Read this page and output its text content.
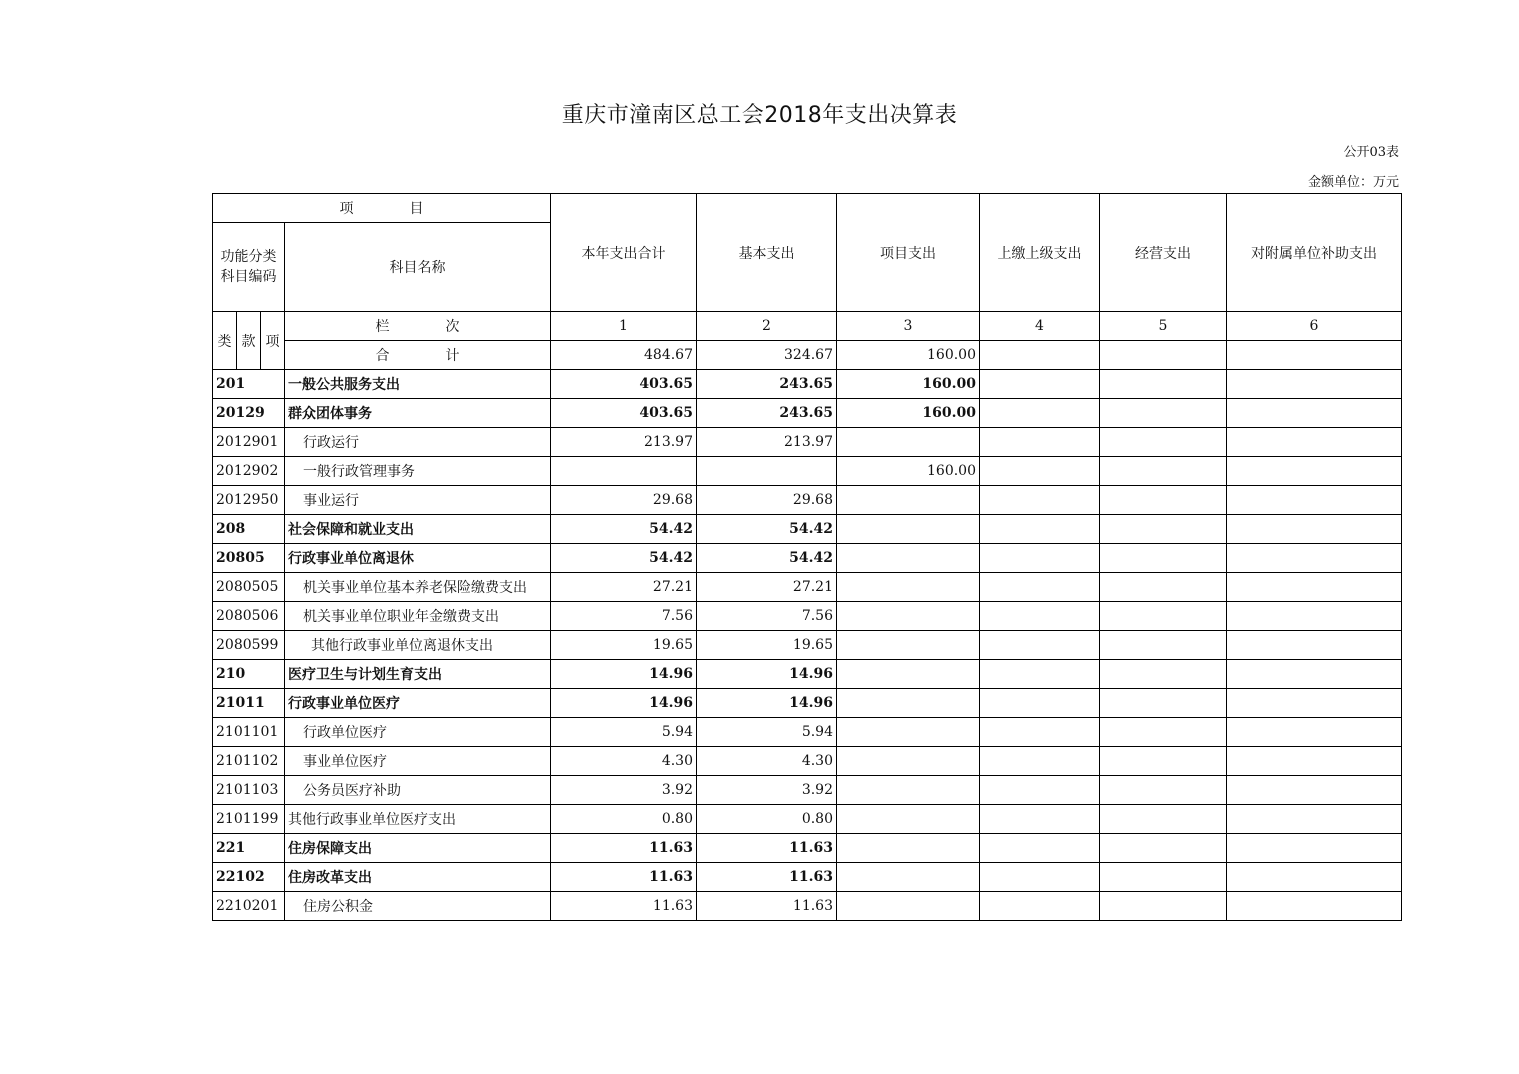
重庆市潼南区总工会2018年支出决算表
公开03表
金额单位：万元
项　　　　目				本年支出合计	基本支出	项目支出	上缴上级支出	经营支出	对附属单位补助支出

功能分类
科目编码			科目名称						
类	款	项	栏　　　　次	1	2	3	4	5	6
			合　　　　计	484.67	324.67	160.00			
201			一般公共服务支出	403.65	243.65	160.00			
20129			群众团体事务	403.65	243.65	160.00			
2012901			行政运行	213.97	213.97				
2012902			一般行政管理事务			160.00			
2012950			事业运行	29.68	29.68				
208			社会保障和就业支出	54.42	54.42				
20805			行政事业单位离退休	54.42	54.42				
2080505			机关事业单位基本养老保险缴费支出	27.21	27.21				
2080506			机关事业单位职业年金缴费支出	7.56	7.56				
2080599			其他行政事业单位离退休支出	19.65	19.65				
210			医疗卫生与计划生育支出	14.96	14.96				
21011			行政事业单位医疗	14.96	14.96				
2101101			行政单位医疗	5.94	5.94				
2101102			事业单位医疗	4.30	4.30				
2101103			公务员医疗补助	3.92	3.92				
2101199			其他行政事业单位医疗支出	0.80	0.80				
221			住房保障支出	11.63	11.63				
22102			住房改革支出	11.63	11.63				
2210201			住房公积金	11.63	11.63				
